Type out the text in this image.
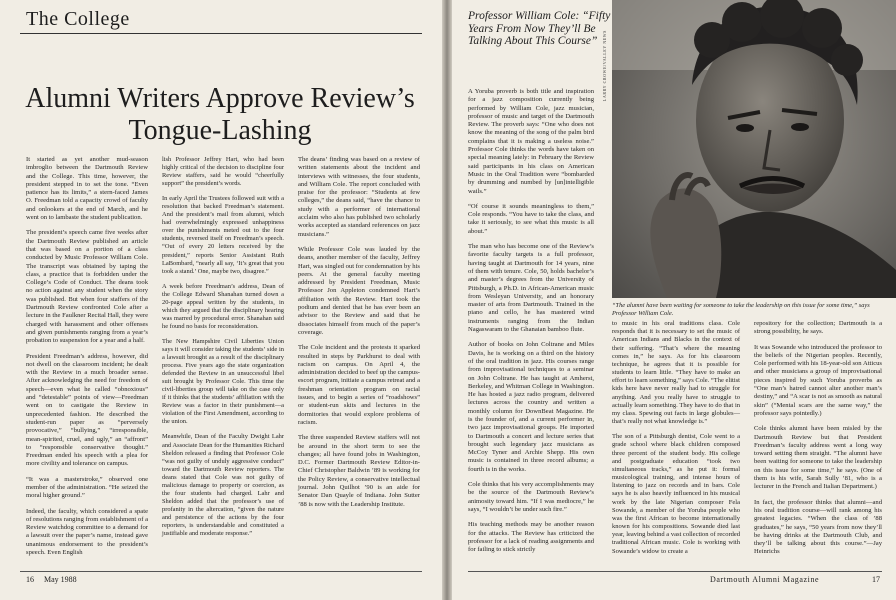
The College
Alumni Writers Approve Review’s Tongue-Lashing

It started as yet another mud-season imbroglio between the Dartmouth Review and the College. This time, however, the president stepped in to set the tone. “Even patience has its limits,” a stern-faced James O. Freedman told a capacity crowd of faculty and onlookers at the end of March, and he went on to lambaste the student publication.

The president’s speech came five weeks after the Dartmouth Review published an article that was based on a portion of a class conducted by Music Professor William Cole. The transcript was obtained by taping the class, a practice that is forbidden under the College’s Code of Conduct. The deans took no action against any student when the story was published. But when four staffers of the Dartmouth Review confronted Cole after a lecture in the Faulkner Recital Hall, they were charged with harassment and other offenses and given punishments ranging from a year’s probation to suspension for a year and a half.

President Freedman’s address, however, did not dwell on the classroom incident; he dealt with the Review in a much broader sense. After acknowledging the need for freedom of speech—even what he called “obnoxious” and “detestable” points of view—Freedman went on to castigate the Review in unprecedented fashion. He described the student-run paper as “perversely provocative,” “bullying,” “irresponsible, mean-spirited, cruel, and ugly,” an “affront” to “responsible conservative thought.” Freedman ended his speech with a plea for more civility and tolerance on campus.

“It was a masterstroke,” observed one member of the administration. “He seized the moral higher ground.”

Indeed, the faculty, which considered a spate of resolutions ranging from establishment of a Review watchdog committee to a demand for a lawsuit over the paper’s name, instead gave unanimous endorsement to the president’s speech. Even English

lish Professor Jeffrey Hart, who had been highly critical of the decision to discipline four Review staffers, said he would “cheerfully support” the president’s words.

In early April the Trustees followed suit with a resolution that backed Freedman’s statement. And the president’s mail from alumni, which had overwhelmingly expressed unhappiness over the punishments meted out to the four students, reversed itself on Freedman’s speech. “Out of every 20 letters received by the president,” reports Senior Assistant Ruth LaBombard, “nearly all say, ‘It’s great that you took a stand.’ One, maybe two, disagree.”

A week before Freedman’s address, Dean of the College Edward Shanahan turned down a 20-page appeal written by the students, in which they argued that the disciplinary hearing was marred by procedural error. Shanahan said he found no basis for reconsideration.

The New Hampshire Civil Liberties Union says it will consider taking the students’ side in a lawsuit brought as a result of the disciplinary process. Five years ago the state organization defended the Review in an unsuccessful libel suit brought by Professor Cole. This time the civil-liberties group will take on the case only if it thinks that the students’ affiliation with the Review was a factor in their punishment—a violation of the First Amendment, according to the union.

Meanwhile, Dean of the Faculty Dwight Lahr and Associate Dean for the Humanities Richard Sheldon released a finding that Professor Cole “was not guilty of unduly aggressive conduct” toward the Dartmouth Review reporters. The deans stated that Cole was not guilty of malicious damage to property or coercion, as the four students had charged. Lahr and Sheldon added that the professor’s use of profanity in the altercation, “given the nature and persistence of the actions by the four reporters, is understandable and constituted a justifiable and moderate response.”

The deans’ finding was based on a review of written statements about the incident and interviews with witnesses, the four students, and William Cole. The report concluded with praise for the professor: “Students at few colleges,” the deans said, “have the chance to study with a performer of international acclaim who also has published two scholarly works accepted as standard references on jazz musicians.”

While Professor Cole was lauded by the deans, another member of the faculty, Jeffrey Hart, was singled out for condemnation by his peers. At the general faculty meeting addressed by President Freedman, Music Professor Jon Appleton condemned Hart’s affiliation with the Review. Hart took the podium and denied that he has ever been an advisor to the Review and said that he dissociates himself from much of the paper’s coverage.

The Cole incident and the protests it sparked resulted in steps by Parkhurst to deal with racism on campus. On April 4, the administration decided to beef up the campus-escort program, initiate a campus retreat and a freshman orientation program on racial issues, and to begin a series of “roadshows” or student-run skits and lectures in the dormitories that would explore problems of racism.

The three suspended Review staffers will not be around in the short term to see the changes; all have found jobs in Washington, D.C. Former Dartmouth Review Editor-in-Chief Christopher Baldwin ’89 is working for the Policy Review, a conservative intellectual journal. John Quilhot ’90 is an aide for Senator Dan Quayle of Indiana. John Sutter ’88 is now with the Leadership Institute.

16 May 1988
Professor William Cole: “Fifty Years From Now They’ll Be Talking About This Course”	LARRY CROWE/VALLEY NEWS
“The alumni have been waiting for someone to take the leadership on this issue for some time,” says Professor William Cole.

A Yoruba proverb is both title and inspiration for a jazz composition currently being performed by William Cole, jazz musician, professor of music and target of the Dartmouth Review. The proverb says: “One who does not know the meaning of the song of the palm bird complains that it is making a useless noise.” Professor Cole thinks the words have taken on special meaning lately: in February the Review said participants in his class on American Music in the Oral Tradition were “bombarded by drumming and numbed by [un]intelligible wails.”

“Of course it sounds meaningless to them,” Cole responds. “You have to take the class, and take it seriously, to see what this music is all about.”

The man who has become one of the Review’s favorite faculty targets is a full professor, having taught at Dartmouth for 14 years, nine of them with tenure. Cole, 50, holds bachelor’s and master’s degrees from the University of Pittsburgh, a Ph.D. in African-American music from Wesleyan University, and an honorary master of arts from Dartmouth. Trained in the piano and cello, he has mastered wind instruments ranging from the Indian Nagaswaram to the Ghanaian bamboo flute.

Author of books on John Coltrane and Miles Davis, he is working on a third on the history of the oral tradition in jazz. His courses range from improvisational techniques to a seminar on John Coltrane. He has taught at Amherst, Berkeley, and Whitman College in Washington. He has hosted a jazz radio program, delivered lectures across the country and written a monthly column for DownBeat Magazine. He is the founder of, and a current performer in, two jazz improvisational groups. He imported to Dartmouth a concert and lecture series that brought such legendary jazz musicians as McCoy Tyner and Archie Shepp. His own music is contained in three record albums; a fourth is in the works.

Cole thinks that his very accomplishments may be the source of the Dartmouth Review’s animosity toward him. “If I was mediocre,” he says, “I wouldn’t be under such fire.”

His teaching methods may be another reason for the attacks. The Review has criticized the professor for a lack of reading assignments and for failing to stick strictly

to music in his oral traditions class. Cole responds that it is necessary to set the music of American Indians and Blacks in the context of their suffering. “That’s where the meaning comes in,” he says. As for his classroom technique, he agrees that it is possible for students to learn little. “They have to make an effort to learn something,” says Cole. “The elitist kids here have never really had to struggle for anything. And you really have to struggle to actually learn something. They have to do that in my class. Spewing out facts in large globules—that’s really not what knowledge is.”

The son of a Pittsburgh dentist, Cole went to a grade school where black children composed three percent of the student body. His college and postgraduate education “took two simultaneous tracks,” as he put it: formal musicological training, and intense hours of listening to jazz on records and in bars. Cole says he is also heavily influenced in his musical work by the late Nigerian composer Fela Sowande, a member of the Yoruba people who was the first African to become internationally known for his compositions. Sowande died last year, leaving behind a vast collection of recorded traditional African music. Cole is working with Sowande’s widow to create a

repository for the collection; Dartmouth is a strong possibility, he says.

It was Sowande who introduced the professor to the beliefs of the Nigerian peoples. Recently, Cole performed with his 18-year-old son Atticus and other musicians a group of improvisational pieces inspired by such Yoruba proverbs as “One man’s hatred cannot alter another man’s destiny,” and “A scar is not as smooth as natural skin” (“Mental scars are the same way,” the professor says pointedly.)

Cole thinks alumni have been misled by the Dartmouth Review but that President Freedman’s faculty address went a long way toward setting them straight. “The alumni have been waiting for someone to take the leadership on this issue for some time,” he says. (One of them is his wife, Sarah Sully ’81, who is a lecturer in the French and Italian Department.)

In fact, the professor thinks that alumni—and his oral tradition course—will rank among his greatest legacies. “When the class of ’88 graduates,” he says, “50 years from now they’ll be having drinks at the Dartmouth Club, and they’ll be talking about this course.”—Jay Heinrichs

Dartmouth Alumni Magazine	17
